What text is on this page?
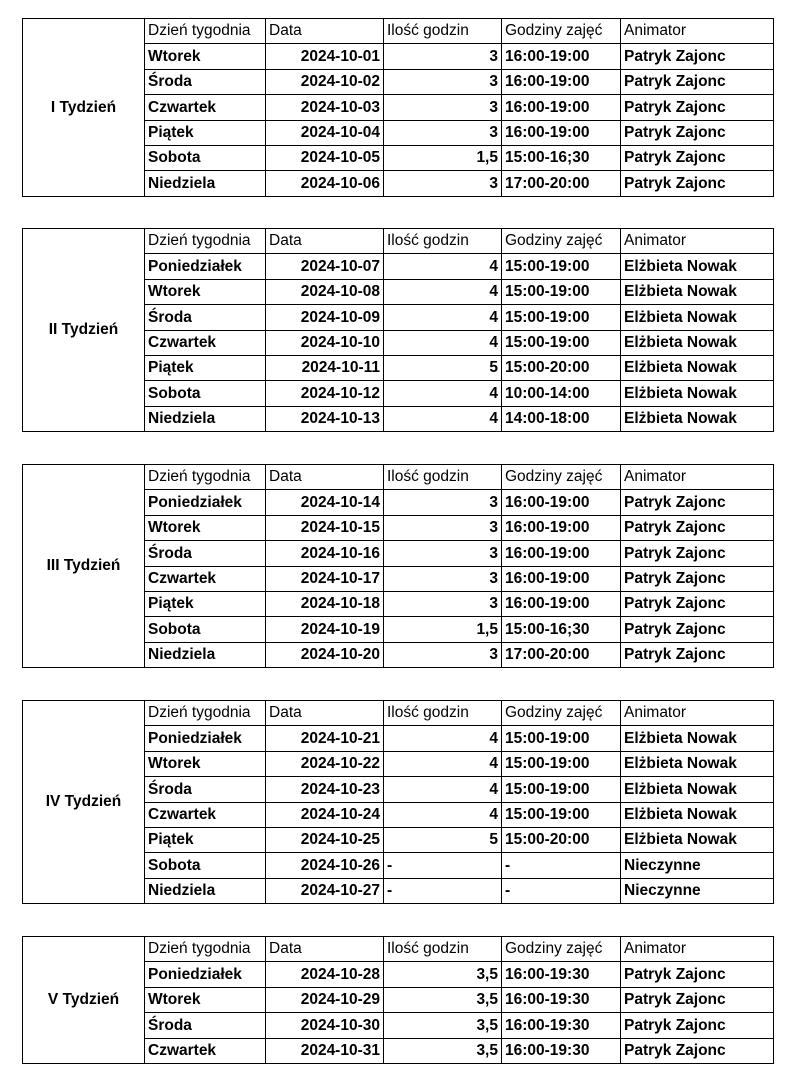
I Tydzień	Dzień tygodnia	Data	Ilość godzin	Godziny zajęć	Animator
	Wtorek	2024-10-01	3	16:00-19:00	Patryk Zajonc
	Środa	2024-10-02	3	16:00-19:00	Patryk Zajonc
	Czwartek	2024-10-03	3	16:00-19:00	Patryk Zajonc
	Piątek	2024-10-04	3	16:00-19:00	Patryk Zajonc
	Sobota	2024-10-05	1,5	15:00-16;30	Patryk Zajonc
	Niedziela	2024-10-06	3	17:00-20:00	Patryk Zajonc
II Tydzień	Dzień tygodnia	Data	Ilość godzin	Godziny zajęć	Animator
	Poniedziałek	2024-10-07	4	15:00-19:00	Elżbieta Nowak
	Wtorek	2024-10-08	4	15:00-19:00	Elżbieta Nowak
	Środa	2024-10-09	4	15:00-19:00	Elżbieta Nowak
	Czwartek	2024-10-10	4	15:00-19:00	Elżbieta Nowak
	Piątek	2024-10-11	5	15:00-20:00	Elżbieta Nowak
	Sobota	2024-10-12	4	10:00-14:00	Elżbieta Nowak
	Niedziela	2024-10-13	4	14:00-18:00	Elżbieta Nowak
III Tydzień	Dzień tygodnia	Data	Ilość godzin	Godziny zajęć	Animator
	Poniedziałek	2024-10-14	3	16:00-19:00	Patryk Zajonc
	Wtorek	2024-10-15	3	16:00-19:00	Patryk Zajonc
	Środa	2024-10-16	3	16:00-19:00	Patryk Zajonc
	Czwartek	2024-10-17	3	16:00-19:00	Patryk Zajonc
	Piątek	2024-10-18	3	16:00-19:00	Patryk Zajonc
	Sobota	2024-10-19	1,5	15:00-16;30	Patryk Zajonc
	Niedziela	2024-10-20	3	17:00-20:00	Patryk Zajonc
IV Tydzień	Dzień tygodnia	Data	Ilość godzin	Godziny zajęć	Animator
	Poniedziałek	2024-10-21	4	15:00-19:00	Elżbieta Nowak
	Wtorek	2024-10-22	4	15:00-19:00	Elżbieta Nowak
	Środa	2024-10-23	4	15:00-19:00	Elżbieta Nowak
	Czwartek	2024-10-24	4	15:00-19:00	Elżbieta Nowak
	Piątek	2024-10-25	5	15:00-20:00	Elżbieta Nowak
	Sobota	2024-10-26	-	-	Nieczynne
	Niedziela	2024-10-27	-	-	Nieczynne
V Tydzień	Dzień tygodnia	Data	Ilość godzin	Godziny zajęć	Animator
	Poniedziałek	2024-10-28	3,5	16:00-19:30	Patryk Zajonc
	Wtorek	2024-10-29	3,5	16:00-19:30	Patryk Zajonc
	Środa	2024-10-30	3,5	16:00-19:30	Patryk Zajonc
	Czwartek	2024-10-31	3,5	16:00-19:30	Patryk Zajonc
